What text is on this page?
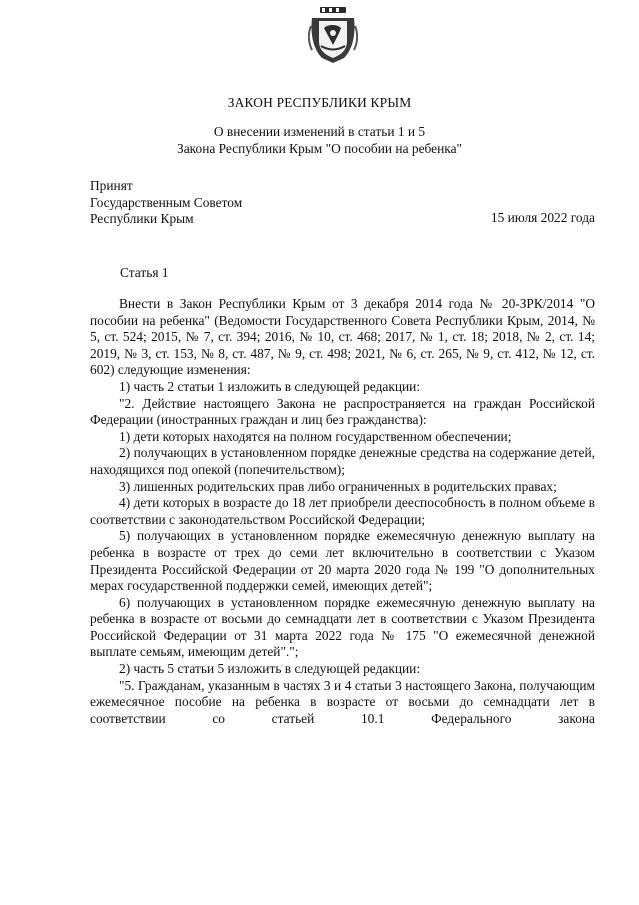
ЗАКОН РЕСПУБЛИКИ КРЫМ
О внесении изменений в статьи 1 и 5
Закона Республики Крым "О пособии на ребенка"
Принят
Государственным Советом
Республики Крым	15 июля 2022 года
Статья 1

Внести в Закон Республики Крым от 3 декабря 2014 года № 20-ЗРК/2014 "О пособии на ребенка" (Ведомости Государственного Совета Республики Крым, 2014, № 5, ст. 524; 2015, № 7, ст. 394; 2016, № 10, ст. 468; 2017, № 1, ст. 18; 2018, № 2, ст. 14; 2019, № 3, ст. 153, № 8, ст. 487, № 9, ст. 498; 2021, № 6, ст. 265, № 9, ст. 412, № 12, ст. 602) следующие изменения:

1) часть 2 статьи 1 изложить в следующей редакции:

"2. Действие настоящего Закона не распространяется на граждан Российской Федерации (иностранных граждан и лиц без гражданства):

1) дети которых находятся на полном государственном обеспечении;

2) получающих в установленном порядке денежные средства на содержание детей, находящихся под опекой (попечительством);

3) лишенных родительских прав либо ограниченных в родительских правах;

4) дети которых в возрасте до 18 лет приобрели дееспособность в полном объеме в соответствии с законодательством Российской Федерации;

5) получающих в установленном порядке ежемесячную денежную выплату на ребенка в возрасте от трех до семи лет включительно в соответствии с Указом Президента Российской Федерации от 20 марта 2020 года № 199 "О дополнительных мерах государственной поддержки семей, имеющих детей";

6) получающих в установленном порядке ежемесячную денежную выплату на ребенка в возрасте от восьми до семнадцати лет в соответствии с Указом Президента Российской Федерации от 31 марта 2022 года № 175 "О ежемесячной денежной выплате семьям, имеющим детей".";

2) часть 5 статьи 5 изложить в следующей редакции:

"5. Гражданам, указанным в частях 3 и 4 статьи 3 настоящего Закона, получающим ежемесячное пособие на ребенка в возрасте от восьми до семнадцати лет в соответствии со статьей 10.1 Федерального закона
